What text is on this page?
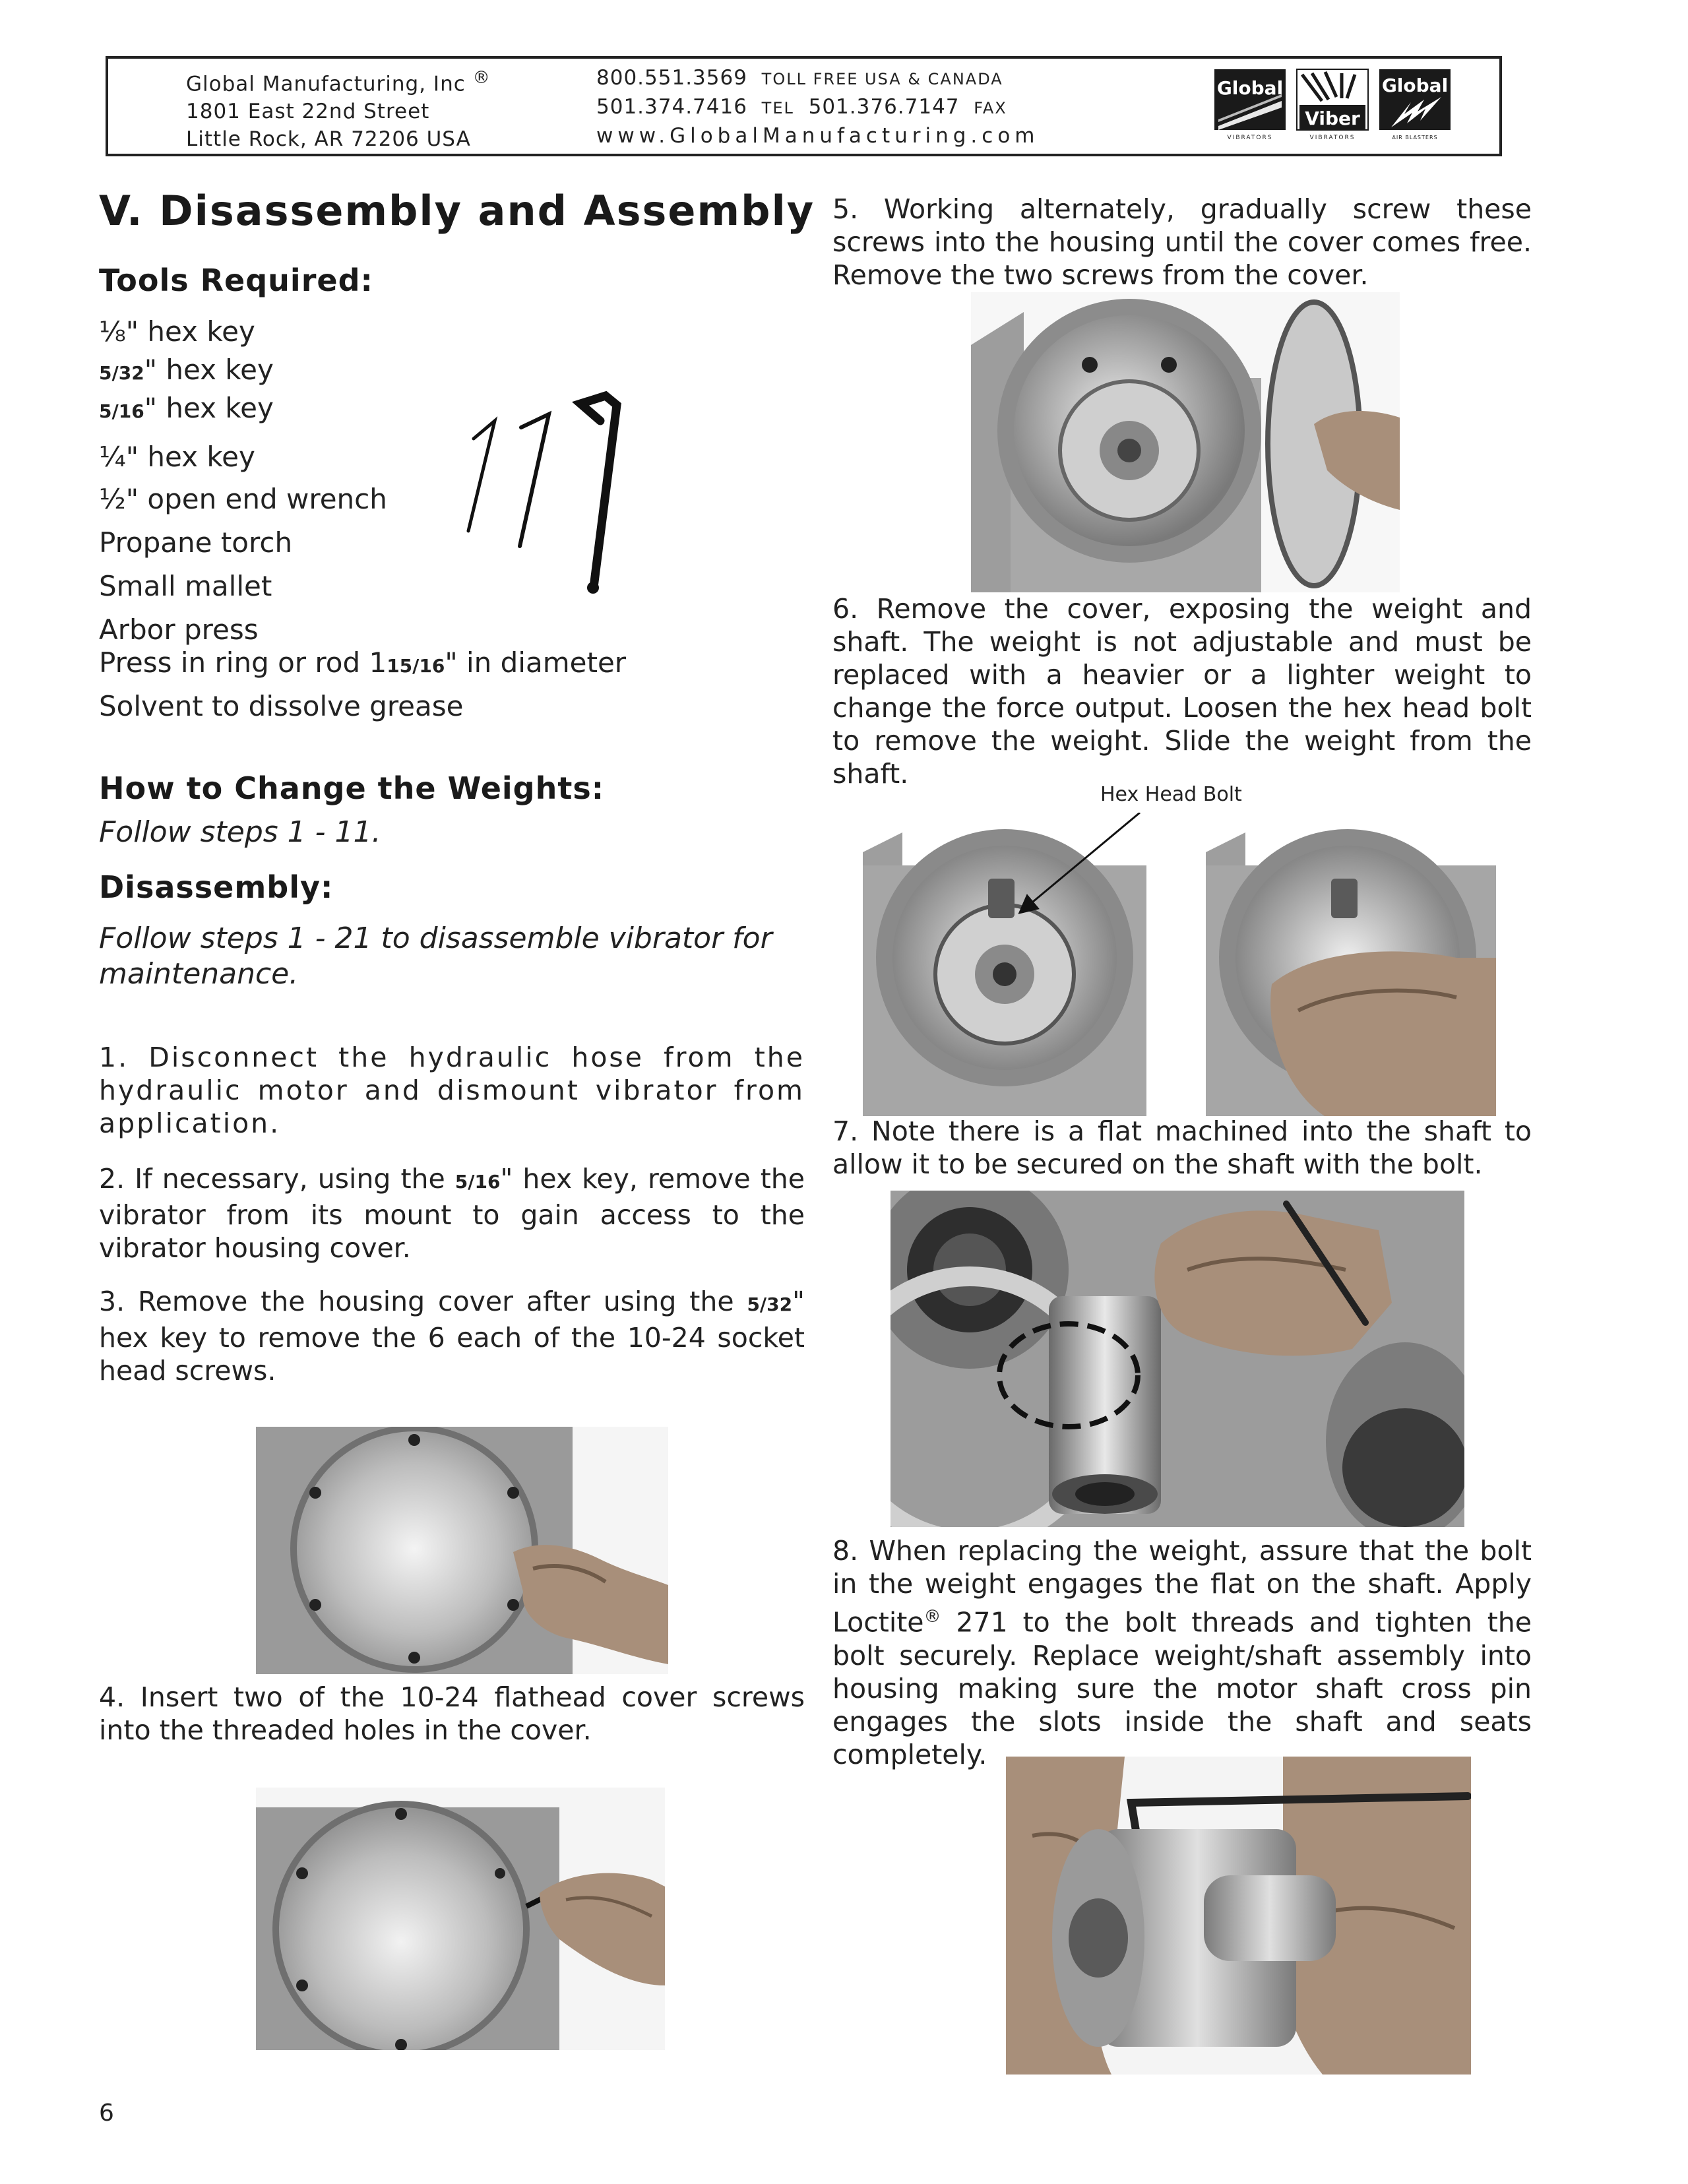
Global Manufacturing, Inc ®
1801 East 22nd Street
Little Rock, AR 72206 USA
800.551.3569 TOLL FREE USA & CANADA
501.374.7416 TEL 501.376.7147 FAX
www.GlobalManufacturing.com
Global
VIBRATORS
Viber
VIBRATORS
Global
AIR BLASTERS
V. Disassembly and Assembly
Tools Required:
⅛" hex key
5/32" hex key
5/16" hex key
¼" hex key
½" open end wrench
Propane torch
Small mallet
Arbor press
Press in ring or rod 115/16" in diameter
Solvent to dissolve grease
How to Change the Weights:
Follow steps 1 - 11.
Disassembly:
Follow steps 1 - 21 to disassemble vibrator for maintenance.
1. Disconnect the hydraulic hose from the hydraulic motor and dismount vibrator from application.
2. If necessary, using the 5/16" hex key, remove the vibrator from its mount to gain access to the vibrator housing cover.
3. Remove the housing cover after using the 5/32" hex key to remove the 6 each of the 10-24 socket head screws.
4. Insert two of the 10-24 flathead cover screws into the threaded holes in the cover.
5. Working alternately, gradually screw these screws into the housing until the cover comes free. Remove the two screws from the cover.
6. Remove the cover, exposing the weight and shaft. The weight is not adjustable and must be replaced with a heavier or a lighter weight to change the force output. Loosen the hex head bolt to remove the weight. Slide the weight from the shaft.
Hex Head Bolt
7. Note there is a flat machined into the shaft to allow it to be secured on the shaft with the bolt.
8. When replacing the weight, assure that the bolt in the weight engages the flat on the shaft. Apply Loctite® 271 to the bolt threads and tighten the bolt securely. Replace weight/shaft assembly into housing making sure the motor shaft cross pin engages the slots inside the shaft and seats completely.
6
